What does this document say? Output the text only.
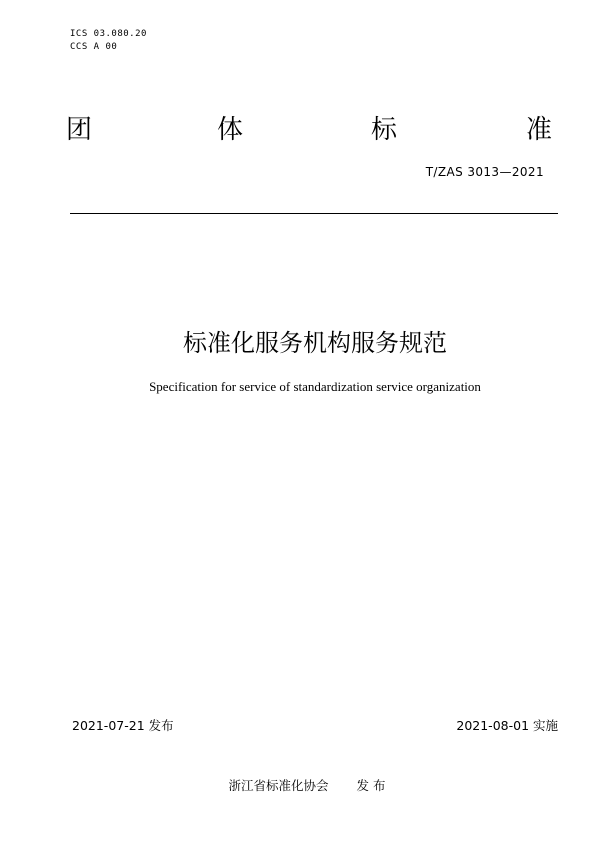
ICS 03.080.20
CCS A 00
团	体	标	准
T/ZAS 3013—2021
标准化服务机构服务规范
Specification for service of standardization service organization
2021-07-21 发布	2021-08-01 实施
浙江省标准化协会 发 布
